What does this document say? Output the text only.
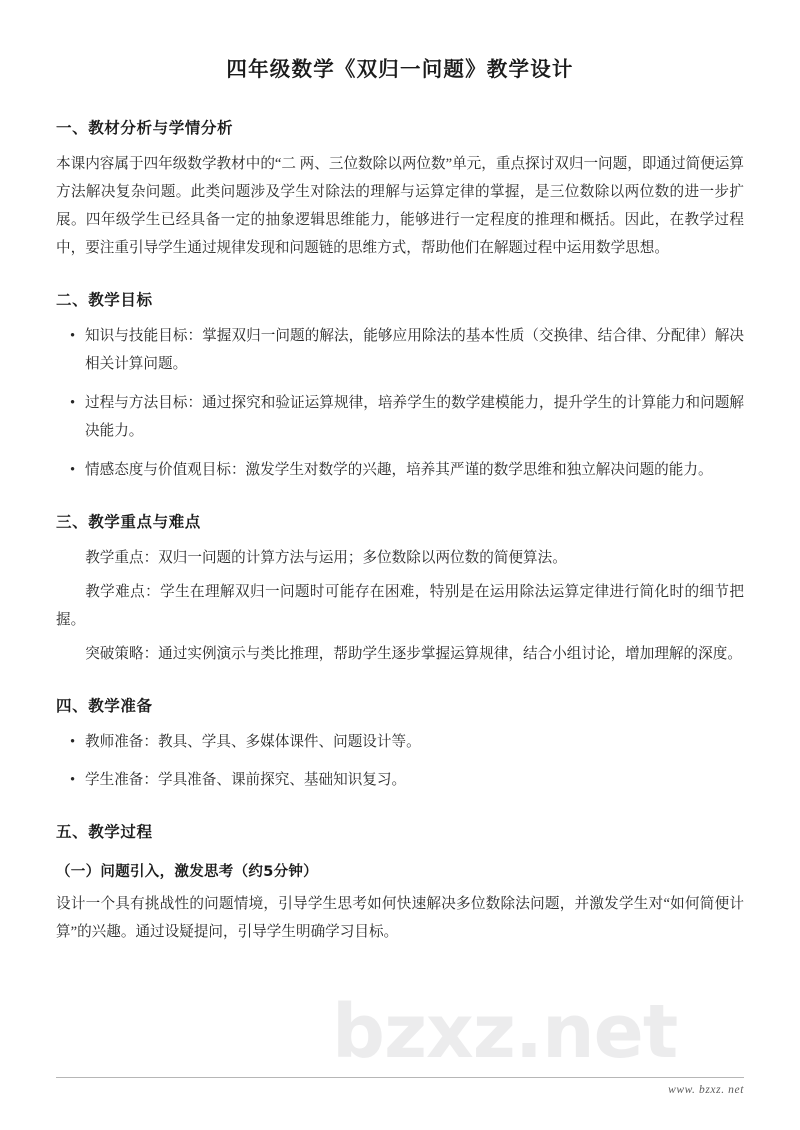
bzxz.net
四年级数学《双归一问题》教学设计
一、教材分析与学情分析

本课内容属于四年级数学教材中的“二 两、三位数除以两位数”单元，重点探讨双归一问题，即通过简便运算方法解决复杂问题。此类问题涉及学生对除法的理解与运算定律的掌握，是三位数除以两位数的进一步扩展。四年级学生已经具备一定的抽象逻辑思维能力，能够进行一定程度的推理和概括。因此，在教学过程中，要注重引导学生通过规律发现和问题链的思维方式，帮助他们在解题过程中运用数学思想。

二、教学目标
• 知识与技能目标：掌握双归一问题的解法，能够应用除法的基本性质（交换律、结合律、分配律）解决相关计算问题。
• 过程与方法目标：通过探究和验证运算规律，培养学生的数学建模能力，提升学生的计算能力和问题解决能力。
• 情感态度与价值观目标：激发学生对数学的兴趣，培养其严谨的数学思维和独立解决问题的能力。
三、教学重点与难点

教学重点：双归一问题的计算方法与运用；多位数除以两位数的简便算法。

教学难点：学生在理解双归一问题时可能存在困难，特别是在运用除法运算定律进行简化时的细节把握。

突破策略：通过实例演示与类比推理，帮助学生逐步掌握运算规律，结合小组讨论，增加理解的深度。

四、教学准备
• 教师准备：教具、学具、多媒体课件、问题设计等。
• 学生准备：学具准备、课前探究、基础知识复习。
五、教学过程
（一）问题引入，激发思考（约5分钟）

设计一个具有挑战性的问题情境，引导学生思考如何快速解决多位数除法问题，并激发学生对“如何简便计算”的兴趣。通过设疑提问，引导学生明确学习目标。

www. bzxz. net
